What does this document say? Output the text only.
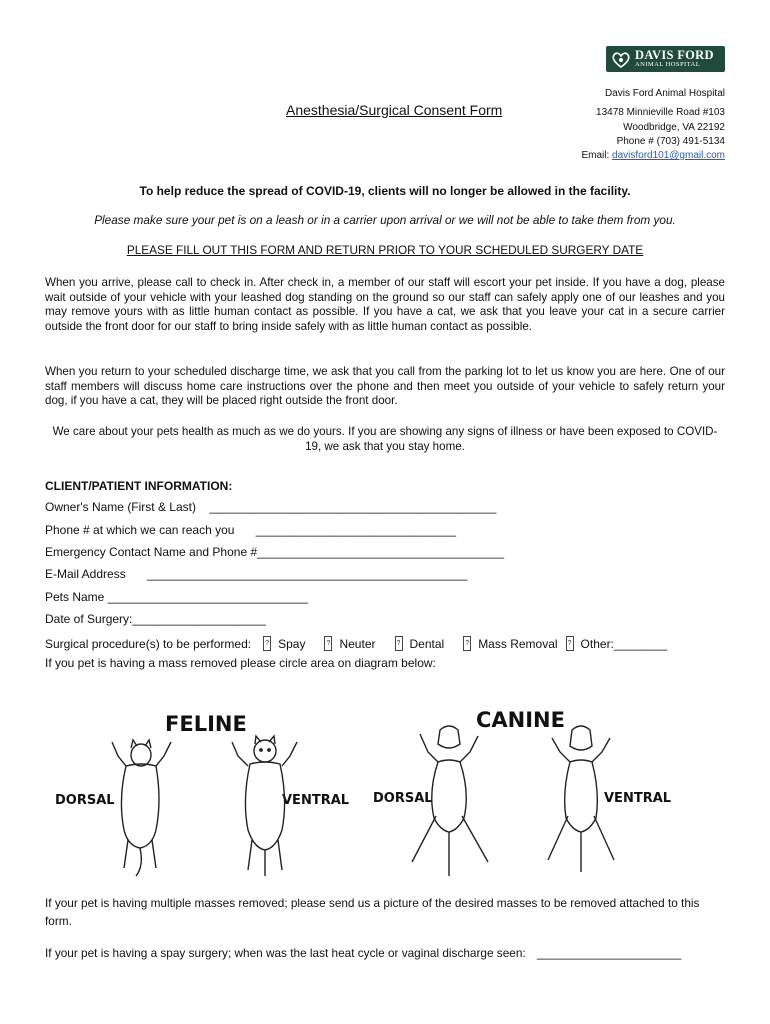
DAVIS FORD
ANIMAL HOSPITAL
Davis Ford Animal Hospital
13478 Minnieville Road #103
Woodbridge, VA 22192
Phone # (703) 491-5134
Email: davisford101@gmail.com
Anesthesia/Surgical Consent Form
To help reduce the spread of COVID-19, clients will no longer be allowed in the facility.
Please make sure your pet is on a leash or in a carrier upon arrival or we will not be able to take them from you.
PLEASE FILL OUT THIS FORM AND RETURN PRIOR TO YOUR SCHEDULED SURGERY DATE
When you arrive, please call to check in. After check in, a member of our staff will escort your pet inside. If you have a dog, please wait outside of your vehicle with your leashed dog standing on the ground so our staff can safely apply one of our leashes and you may remove yours with as little human contact as possible. If you have a cat, we ask that you leave your cat in a secure carrier outside the front door for our staff to bring inside safely with as little human contact as possible.
When you return to your scheduled discharge time, we ask that you call from the parking lot to let us know you are here. One of our staff members will discuss home care instructions over the phone and then meet you outside of your vehicle to safely return your dog, if you have a cat, they will be placed right outside the front door.
We care about your pets health as much as we do yours. If you are showing any signs of illness or have been exposed to COVID-19, we ask that you stay home.
CLIENT/PATIENT INFORMATION:
Owner's Name (First & Last) ___________________________________________
Phone # at which we can reach you ______________________________
Emergency Contact Name and Phone #_____________________________________
E-Mail Address ________________________________________________
Pets Name ______________________________
Date of Surgery:____________________
Surgical procedure(s) to be performed: ? Spay	? Neuter	? Dental	? Mass Removal ? Other:________
If you pet is having a mass removed please circle area on diagram below:
FELINE	CANINE
DORSAL	VENTRAL DORSAL	VENTRAL
If your pet is having multiple masses removed; please send us a picture of the desired masses to be removed attached to this form.
If your pet is having a spay surgery; when was the last heat cycle or vaginal discharge seen: ______________________
